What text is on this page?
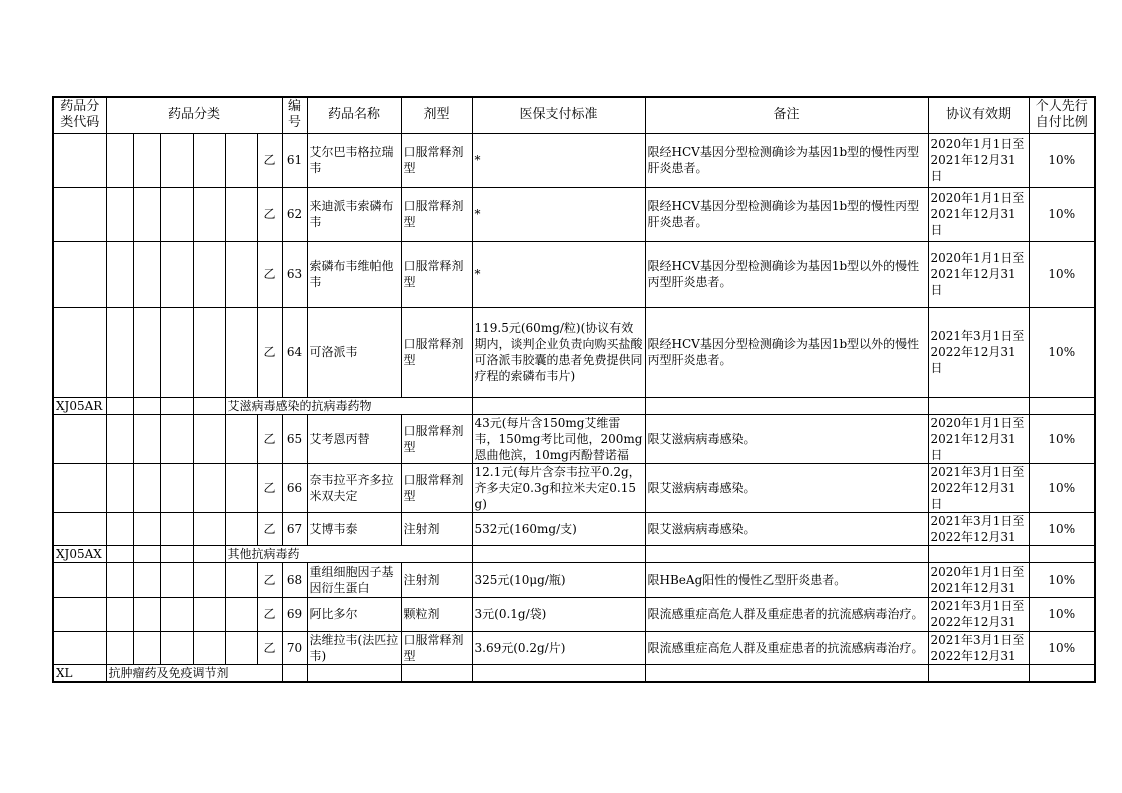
药品分类代码	药品分类						编号	药品名称	剂型	医保支付标准	备注	协议有效期	个人先行自付比例
						乙	61	艾尔巴韦格拉瑞韦	口服常释剂型	*	限经HCV基因分型检测确诊为基因1b型的慢性丙型肝炎患者。	2020年1月1日至2021年12月31日	10%
						乙	62	来迪派韦索磷布韦	口服常释剂型	*	限经HCV基因分型检测确诊为基因1b型的慢性丙型肝炎患者。	2020年1月1日至2021年12月31日	10%
						乙	63	索磷布韦维帕他韦	口服常释剂型	*	限经HCV基因分型检测确诊为基因1b型以外的慢性丙型肝炎患者。	2020年1月1日至2021年12月31日	10%
						乙	64	可洛派韦	口服常释剂型	119.5元(60mg/粒)(协议有效期内，谈判企业负责向购买盐酸可洛派韦胶囊的患者免费提供同疗程的索磷布韦片)	限经HCV基因分型检测确诊为基因1b型以外的慢性丙型肝炎患者。	2021年3月1日至2022年12月31日	10%
XJ05AR					艾滋病毒感染的抗病毒药物								
						乙	65	艾考恩丙替	口服常释剂型	43元(每片含150mg艾维雷韦，150mg考比司他，200mg恩曲他滨，10mg丙酚替诺福	限艾滋病病毒感染。	2020年1月1日至2021年12月31日	10%
						乙	66	奈韦拉平齐多拉米双夫定	口服常释剂型	12.1元(每片含奈韦拉平0.2g，齐多夫定0.3g和拉米夫定0.15g)	限艾滋病病毒感染。	2021年3月1日至2022年12月31日	10%
						乙	67	艾博韦泰	注射剂	532元(160mg/支)	限艾滋病病毒感染。	2021年3月1日至2022年12月31	10%
XJ05AX					其他抗病毒药								
						乙	68	重组细胞因子基因衍生蛋白	注射剂	325元(10μg/瓶)	限HBeAg阳性的慢性乙型肝炎患者。	2020年1月1日至2021年12月31	10%
						乙	69	阿比多尔	颗粒剂	3元(0.1g/袋)	限流感重症高危人群及重症患者的抗流感病毒治疗。	2021年3月1日至2022年12月31	10%
						乙	70	法维拉韦(法匹拉韦)	口服常释剂型	3.69元(0.2g/片)	限流感重症高危人群及重症患者的抗流感病毒治疗。	2021年3月1日至2022年12月31	10%
XL	抗肿瘤药及免疫调节剂												
